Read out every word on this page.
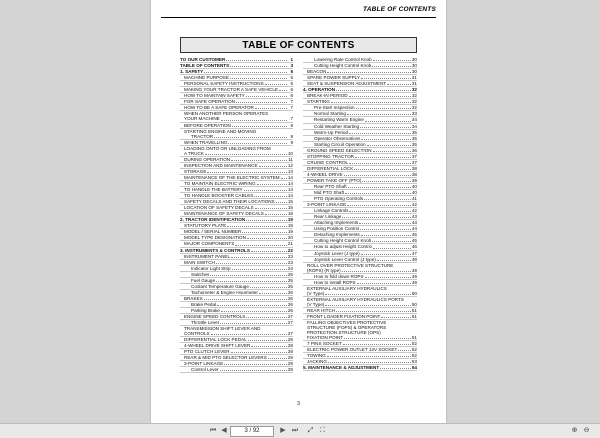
TABLE OF CONTENTS
TABLE OF CONTENTS
TO OUR CUSTOMER	1
TABLE OF CONTENTS	3
1. SAFETY	5
MACHINE PURPOSE	5
PERSONAL SAFETY INSTRUCTIONS	5
MAKING YOUR TRACTOR A SAFE VEHICLE	6
HOW TO MAINTAIN SAFETY	6
FOR SAFE OPERATION	7
HOW TO BE A SAFE OPERATOR	7
WHEN ANOTHER PERSON OPERATES
YOUR MACHINE	7
BEFORE OPERATION	8
STARTING ENGINE AND MOVING
TRACTOR	8
WHEN TRAVELLING	9
LOADING ONTO OR UNLOADING FROM
A TRUCK	10
DURING OPERATION	11
INSPECTION AND MAINTENANCE	12
STORAGE	13
MAINTENANCE OF THE ELECTRIC SYSTEM 14
TO MAINTAIN ELECTRIC WIRING	14
TO HANDLE THE BATTERY	14
TO HANDLE BOOSTER CABLES	14
SAFETY DECALS AND THEIR LOCATIONS	15
LOCATION OF SAFETY DECALS	15
MAINTENANCE OF SAFETY DECALS	18
2. TRACTOR IDENTIFICATION	19
STATUTORY PLATE	19
MODEL / SERIAL NUMBER	19
MODEL TYPE DESIGNATION	20
MAJOR COMPONENTS	21
3. INSTRUMENTS & CONTROLS	22
INSTRUMENT PANEL	23
MAIN SWITCH	23
Indicator Light Strip	24
Switches	25
Fuel Gauge	25
Coolant Temperature Gauge	25
Tachometer & Engine Hourmeter	26
BRAKES	26
Brake Pedal	26
Parking Brake	26
ENGINE SPEED CONTROLS	27
Throttle Lever	27
TRANSMISSION SHIFT LEVER AND
CONTROLS	27
DIFFERENTIAL LOCK PEDAL	28
4-WHEEL DRIVE SHIFT LEVER	28
PTO CLUTCH LEVER	28
REAR & MID PTO SELECTOR LEVERS	29
3-POINT LINKAGE	29
Control Lever	29
Lowering Rate Control Knob	30
Cutting Height Control Knob	30
BEACON	30
SPARE POWER SUPPLY	31
SEAT & SUSPENSION ADJUSTMENT	31
4. OPERATION	32
BREAK-IN PERIOD	32
STARTING	32
Pre-Start Inspection	32
Normal Starting	33
Restarting Warm Engine	34
Cold Weather Starting	34
Warm-Up Period	35
Operator Observations	35
Starting Circuit Operation	35
GROUND SPEED SELECTION	36
STOPPING TRACTOR	37
CRUISE CONTROL	37
DIFFERENTIAL LOCK	38
4-WHEEL DRIVE	38
POWER TAKE OFF (PTO)	39
Rear PTO Shaft	40
Mid PTO Shaft	40
PTO Operating Controls	41
3-POINT LINKAGE	42
Linkage Controls	42
Rear Linkage	43
Attaching Implements	43
Using Position Control	44
Detaching Implements	45
Cutting Height Control Knob	45
How to adjust Height Control	46
Joystick Lever (J type)	47
Joystick Lever Control (J type)	48
ROLL OVER PROTECTIVE STRUCTURE
(ROPS) (R type)	49
How to fold down ROPS	49
How to install ROPS	49
EXTERNAL AUXILIARY HYDRAULICS
(V Type)	50
EXTERNAL AUXILIARY HYDRAULICS PORTS
(V Type)	50
REAR HITCH	51
FRONT LOADER FIXATION POINT	51
FALLING OBJECTIVES PROTECTIVE
STRUCTURE (FOPS) & OPERATORS
PROTECTION STRUCTURE (OPS)
FIXATION POINT	51
7 PINS SOCKET	52
ELECTRIC POWER OUTLET 12V SOCKET	52
TOWING	52
JACKING	53
5. MAINTENANCE & ADJUSTMENT	54
3
⏮ ◀	3 / 92	▶ ⏭ ⤢ ⛶	⊕ ⊖
